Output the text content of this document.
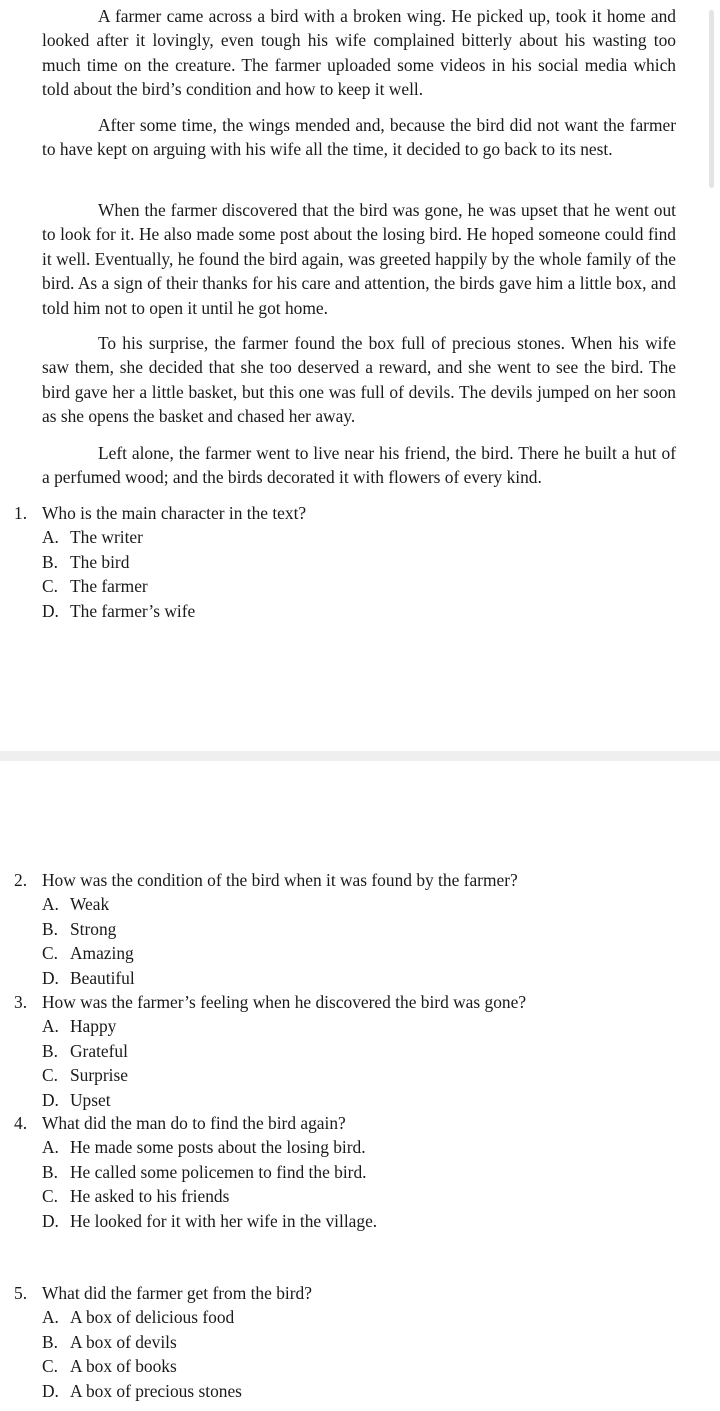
A farmer came across a bird with a broken wing. He picked up, took it home and looked after it lovingly, even tough his wife complained bitterly about his wasting too much time on the creature. The farmer uploaded some videos in his social media which told about the bird’s condition and how to keep it well.

After some time, the wings mended and, because the bird did not want the farmer to have kept on arguing with his wife all the time, it decided to go back to its nest.

When the farmer discovered that the bird was gone, he was upset that he went out to look for it. He also made some post about the losing bird. He hoped someone could find it well. Eventually, he found the bird again, was greeted happily by the whole family of the bird. As a sign of their thanks for his care and attention, the birds gave him a little box, and told him not to open it until he got home.

To his surprise, the farmer found the box full of precious stones. When his wife saw them, she decided that she too deserved a reward, and she went to see the bird. The bird gave her a little basket, but this one was full of devils. The devils jumped on her soon as she opens the basket and chased her away.

Left alone, the farmer went to live near his friend, the bird. There he built a hut of a perfumed wood; and the birds decorated it with flowers of every kind.

1. Who is the main character in the text?
A. The writer
B. The bird
C. The farmer
D. The farmer’s wife
2. How was the condition of the bird when it was found by the farmer?
A. Weak
B. Strong
C. Amazing
D. Beautiful
3. How was the farmer’s feeling when he discovered the bird was gone?
A. Happy
B. Grateful
C. Surprise
D. Upset
4. What did the man do to find the bird again?
A. He made some posts about the losing bird.
B. He called some policemen to find the bird.
C. He asked to his friends
D. He looked for it with her wife in the village.
5. What did the farmer get from the bird?
A. A box of delicious food
B. A box of devils
C. A box of books
D. A box of precious stones
